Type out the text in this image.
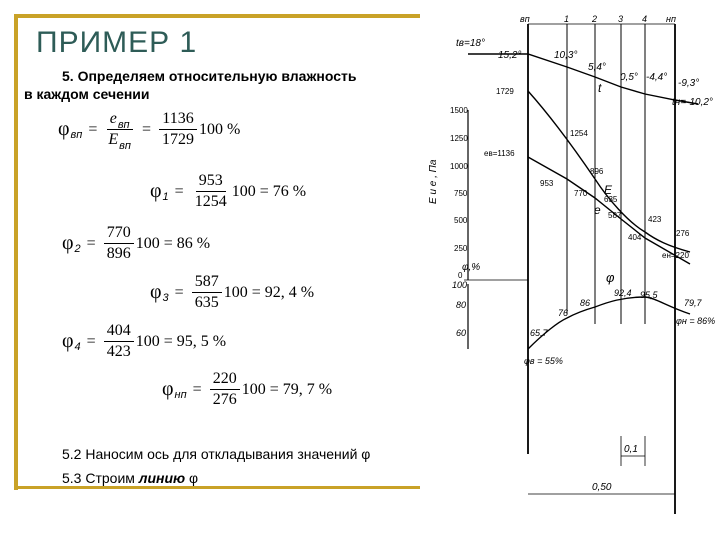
ПРИМЕР 1
5. Определяем относительную влажность
в каждом сечении
φ вп = $\frac{e_{вп}}{E_{вп}} = \frac{1136}{1729} 100$ %
φ $1 = \frac{953}{1254} 100 = 76$ %
φ $2 = \frac{770}{896} 100 = 86$ %
φ $3 = \frac{587}{635} 100 = 92$, 4 %
φ $4 = \frac{404}{423} 100 = 95$, 5 %
φ нп = $\frac{220}{276} 100 = 79$, 7 %
5.2 Наносим ось для откладывания значений φ
5.3 Строим линию φ
вп	1	2 3 4 нп
tв=18°
15,2°	10,3°
5,4°
0,5° -4,4°
-9,3°
tн=-10,2°
t
E и e , Па
1500
1250
1000
750
500
250
0
1729
1254
896
635
423
276
eв=1136
953
770
587
404
eн=220
E
e
φ,%
100
80
60	65,7
76
86
92,4 95,5
79,7
φ
φв = 55%
φн = 86%
0,1
0,50
